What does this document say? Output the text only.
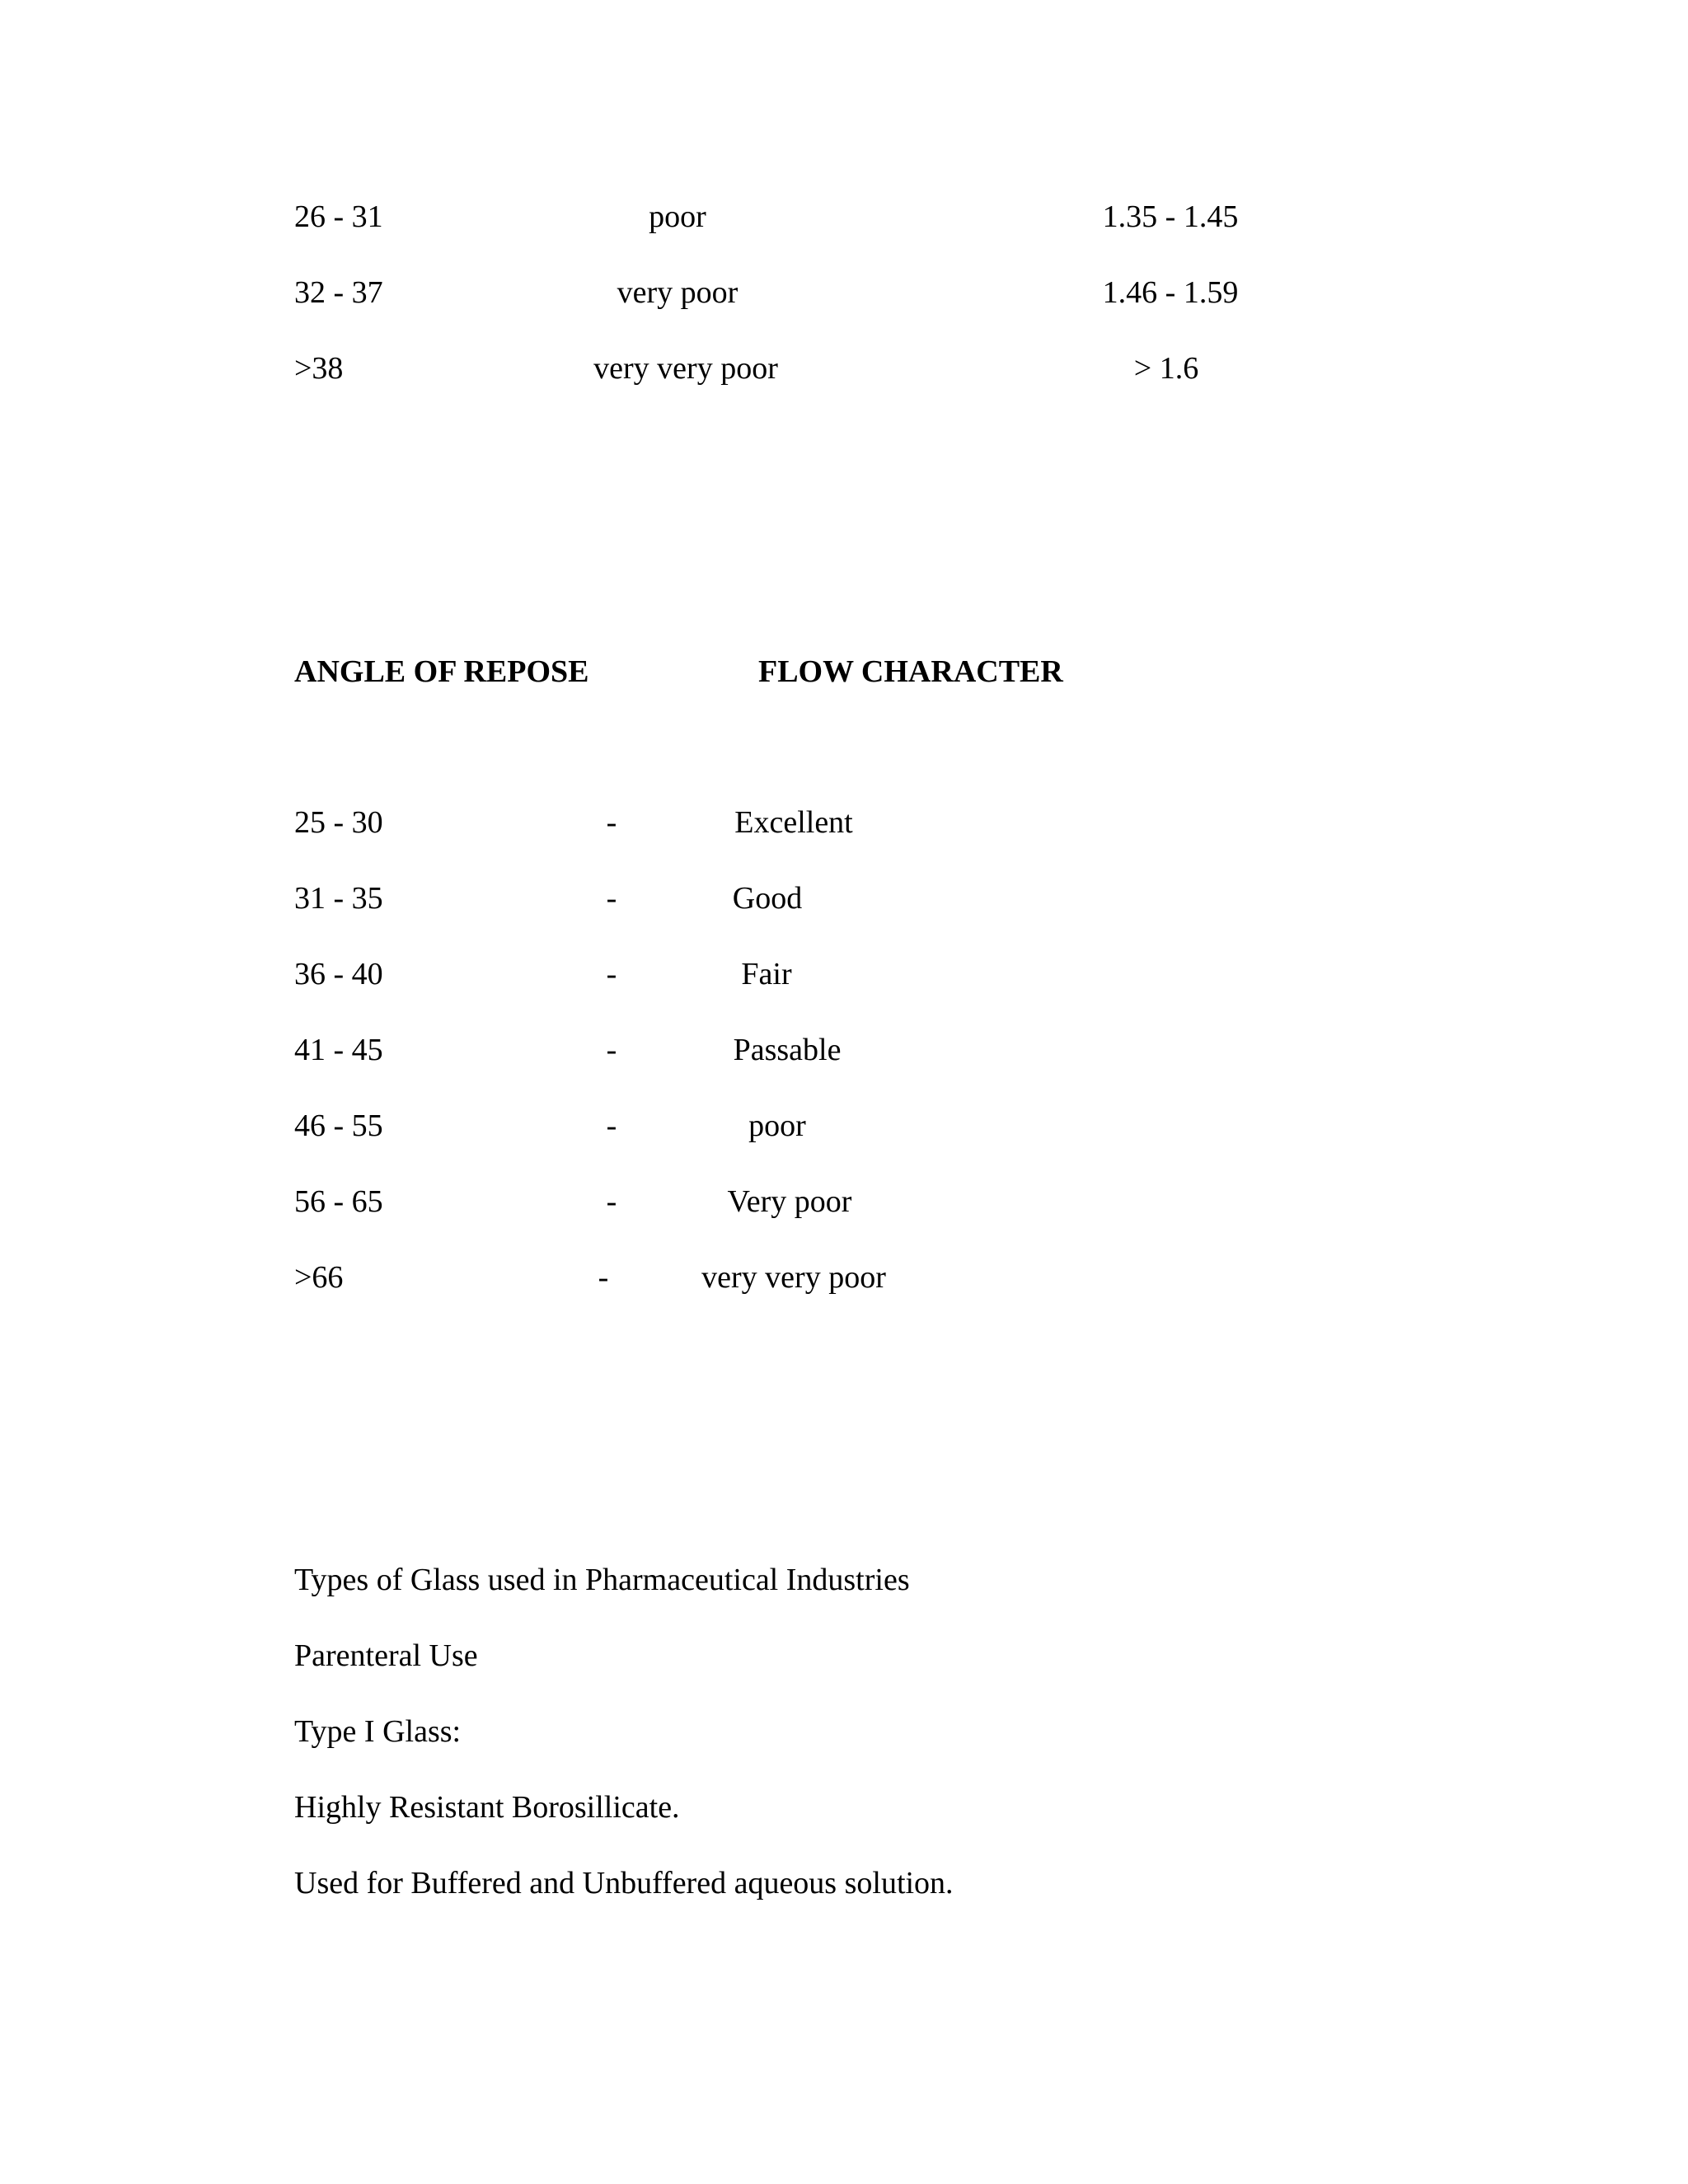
26 - 31	poor	1.35 - 1.45
32 - 37	very poor	1.46 - 1.59
>38	very very poor	> 1.6
ANGLE OF REPOSE	FLOW CHARACTER
25 - 30	-	Excellent
31 - 35	-	Good
36 - 40	-	Fair
41 - 45	-	Passable
46 - 55	-	poor
56 - 65	-	Very poor
>66	-	very very poor
Types of Glass used in Pharmaceutical Industries
Parenteral Use
Type I Glass:
Highly Resistant Borosillicate.
Used for Buffered and Unbuffered aqueous solution.
